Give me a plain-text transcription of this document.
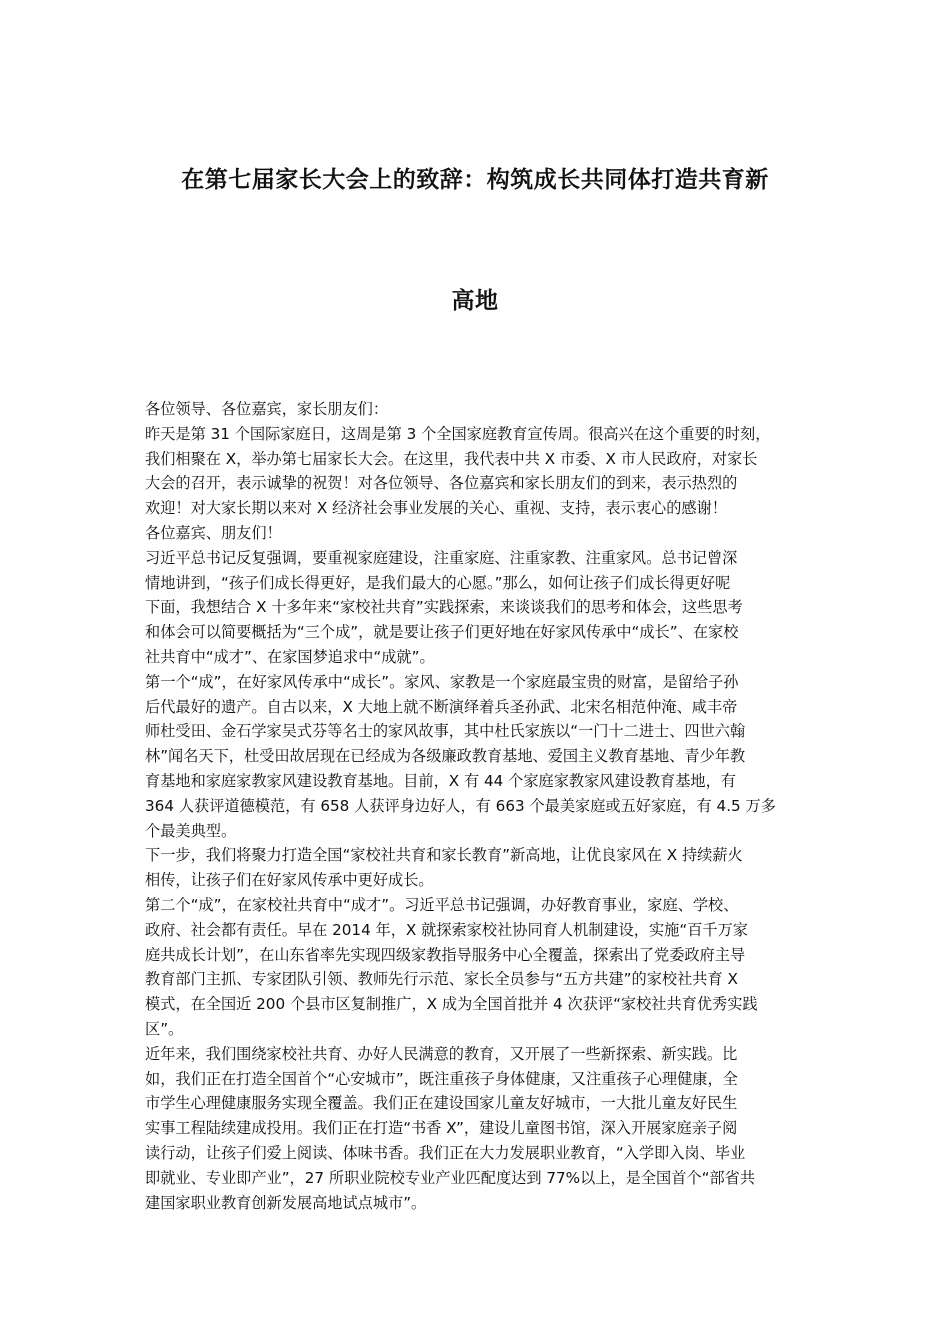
在第七届家长大会上的致辞：构筑成长共同体打造共育新
高地
各位领导、各位嘉宾，家长朋友们：
昨天是第 31 个国际家庭日，这周是第 3 个全国家庭教育宣传周。很高兴在这个重要的时刻，
我们相聚在 X，举办第七届家长大会。在这里，我代表中共 X 市委、X 市人民政府，对家长
大会的召开，表示诚挚的祝贺！对各位领导、各位嘉宾和家长朋友们的到来，表示热烈的
欢迎！对大家长期以来对 X 经济社会事业发展的关心、重视、支持，表示衷心的感谢！
各位嘉宾、朋友们！
习近平总书记反复强调，要重视家庭建设，注重家庭、注重家教、注重家风。总书记曾深
情地讲到，“孩子们成长得更好，是我们最大的心愿。”那么，如何让孩子们成长得更好呢
下面，我想结合 X 十多年来“家校社共育”实践探索，来谈谈我们的思考和体会，这些思考
和体会可以简要概括为“三个成”，就是要让孩子们更好地在好家风传承中“成长”、在家校
社共育中“成才”、在家国梦追求中“成就”。
第一个“成”，在好家风传承中“成长”。家风、家教是一个家庭最宝贵的财富，是留给子孙
后代最好的遗产。自古以来，X 大地上就不断演绎着兵圣孙武、北宋名相范仲淹、咸丰帝
师杜受田、金石学家吴式芬等名士的家风故事，其中杜氏家族以“一门十二进士、四世六翰
林”闻名天下，杜受田故居现在已经成为各级廉政教育基地、爱国主义教育基地、青少年教
育基地和家庭家教家风建设教育基地。目前，X 有 44 个家庭家教家风建设教育基地，有
364 人获评道德模范，有 658 人获评身边好人，有 663 个最美家庭或五好家庭，有 4.5 万多
个最美典型。
下一步，我们将聚力打造全国“家校社共育和家长教育”新高地，让优良家风在 X 持续薪火
相传，让孩子们在好家风传承中更好成长。
第二个“成”，在家校社共育中“成才”。习近平总书记强调，办好教育事业，家庭、学校、
政府、社会都有责任。早在 2014 年，X 就探索家校社协同育人机制建设，实施“百千万家
庭共成长计划”，在山东省率先实现四级家教指导服务中心全覆盖，探索出了党委政府主导
教育部门主抓、专家团队引领、教师先行示范、家长全员参与“五方共建”的家校社共育 X
模式，在全国近 200 个县市区复制推广，X 成为全国首批并 4 次获评“家校社共育优秀实践
区”。
近年来，我们围绕家校社共育、办好人民满意的教育，又开展了一些新探索、新实践。比
如，我们正在打造全国首个“心安城市”，既注重孩子身体健康，又注重孩子心理健康，全
市学生心理健康服务实现全覆盖。我们正在建设国家儿童友好城市，一大批儿童友好民生
实事工程陆续建成投用。我们正在打造“书香 X”，建设儿童图书馆，深入开展家庭亲子阅
读行动，让孩子们爱上阅读、体味书香。我们正在大力发展职业教育，“入学即入岗、毕业
即就业、专业即产业”，27 所职业院校专业产业匹配度达到 77%以上，是全国首个“部省共
建国家职业教育创新发展高地试点城市”。
